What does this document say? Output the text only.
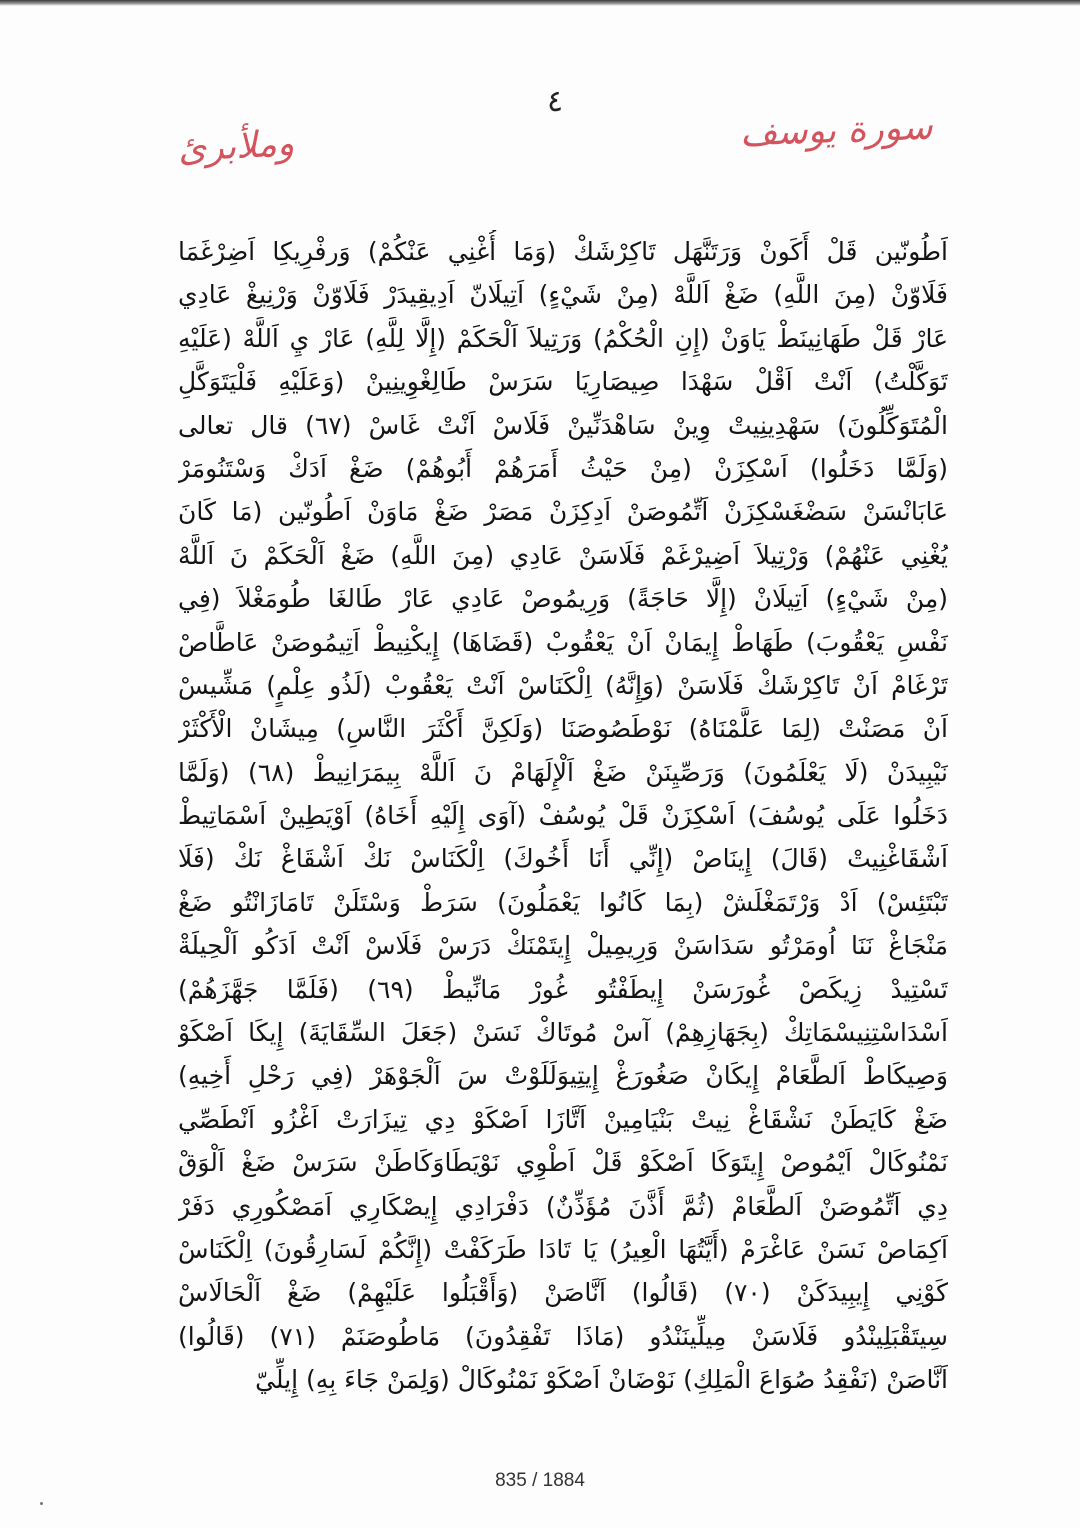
٤
وملأبرئ	سورة يوسف
اَطُونّين قَلْ أَكَونْ وَرَتَنَّهَل تَاكِرْشَكْ (وَمَا أُغْنِي عَنْكُمْ) وَرفْرِيكِا اَضِرْغَمَا
فَلَاوّنْ (مِنَ اللَّهِ) ضَغْ اَللَّهْ (مِنْ شَيْءٍ) اَتِيلَانّ اَدِيقِيدَرْ فَلَاوّنْ وَرْنِيغْ عَادِي
عَارْ قَلْ طَهَانِينَطْ يَاوَنْ (إِنِ الْحُكْمُ) وَرَتِيلاَ اَلْحَكَمْ (إِلَّا لِلَّهِ) عَارْ يِ اَللَّهْ (عَلَيْهِ
تَوَكَّلْتُ) اَنْتْ اَقْلْ سَهْدَا صِيصَارِيَا سَرَسْ طَالِغْوِينِينْ (وَعَلَيْهِ فَلْيَتَوَكَّلِ
الْمُتَوَكِّلُونَ) سَهْدِينِيتْ وِينْ سَاهْدَنِّينْ فَلَاسْ اَنْتْ غَاسْ (٦٧) قال تعالى
(وَلَمَّا دَخَلُوا) اَسْكِزَنْ (مِنْ حَيْثُ أَمَرَهُمْ أَبُوهُمْ) ضَغْ اَدَكْ وَسْتَنُومَرْ
عَابَانْسَنْ سَضْغَسْكِزَنْ اَتِّمُوصَنْ اَدِكِزَنْ مَصَرْ ضَغْ مَاوَنْ اَطُونّين (مَا كَانَ
يُغْنِي عَنْهُمْ) وَرْتِيلاَ اَضِيرْغَمْ فَلَاسَنْ عَادِي (مِنَ اللَّهِ) ضَغْ اَلْحَكَمْ نَ اَللَّهْ
(مِنْ شَيْءٍ) اَتِيلَانْ (إِلَّا حَاجَةً) وَرِيمُوصْ عَادِي عَارْ طَالغَا طُومَغْلاَ (فِي
نَفْسِ يَعْقُوبَ) طَهَاطْ إِيمَانْ اَنْ يَعْقُوبْ (قَضَاهَا) إِيكْنِيطْ اَتِيمُوصَنْ عَاطَّاصْ
تَرْغَامْ اَنْ تَاكِرْشَكْ فَلَاسَنْ (وَإِنَّهُ) اِلْكَنَاسْ اَنْتْ يَعْقُوبْ (لَذُو عِلْمٍ) مَشِّيسْ
اَنْ مَصَنْتْ (لِمَا عَلَّمْنَاهُ) نَوْطَصُوصَنَا (وَلَكِنَّ أَكْثَرَ النَّاسِ) مِيشَانْ الْأَكْثَرْ
نَيْبِيدَنْ (لَا يَعْلَمُونَ) وَرَصِّيِنَنْ ضَغْ اَلْإِلَهَامْ نَ اَللَّهْ بِيمَرَانِيطْ (٦٨) (وَلَمَّا
دَخَلُوا عَلَى يُوسُفَ) اَسْكِزَنْ قَلْ يُوسُفْ (آوَى إِلَيْهِ أَخَاهُ) اَوْيَطِينْ اَسْمَاتِيطْ
اَشْقَاغْنِيتْ (قَالَ) إِينَاصْ (إِنِّي أَنَا أَخُوكَ) اِلْكَنَاسْ نَكْ اَشْقَاغْ نَكْ (فَلَا
تَبْتَئِسْ) اَدْ وَرْتَمَغْلَشْ (بِمَا كَانُوا يَعْمَلُونَ) سَرَطْ وَسْتَلَنْ تَامَازَانْتُو ضَغْ
مَنْجَاغْ نَنَا اُومَرْتُو سَدَاسَنْ وَرِيمِيلْ إِيتَمْنَكْ دَرَسْ فَلَاسْ اَنْتْ اَدَكُو اَلْحِيلَةْ
تَسْتِيدْ زِيكَصْ غُورَسَنْ إِيطَفْتُو غُورْ مَانِّيطْ (٦٩) (فَلَمَّا جَهَّزَهُمْ)
اَسْدَاسْتِنِيسْمَاتِكْ (بِجَهَازِهِمْ) آسْ مُوتَاكْ نَسَنْ (جَعَلَ السِّقَايَةَ) إِيكَا اَصْكَوْ
وَصِيكَاطْ اَلطَّعَامْ إِيكَانْ صَغُورَغْ إِيتِيوَلَلَوْتْ سَ اَلْجَوْهَرْ (فِي رَحْلِ أَخِيهِ)
ضَغْ كَايَطَنْ نَشْقَاغْ نِيتْ بَنْيَامِينْ اَتَّازَا اَصْكَوْ دِي تِيزَارَتْ اَغْزُو اَنْطَصِّي
نَمْنُوكَالْ اَيْمُوصْ إِيتَوَكَا اَصْكَوْ قَلْ اَطْوِي نَوْيَطَاوَكَاطَنْ سَرَسْ ضَغْ اَلْوَقْ
دِي اَتِّمُوصَنْ اَلطَّعَامْ (ثُمَّ أَذَّنَ مُؤَذِّنٌ) دَفْرَادِي إِيصْكَارِي اَمَصْكُورِي دَفَرْ
اَكِمَاصْ نَسَنْ عَاغْرَمْ (أَيَّتُهَا الْعِيرُ) يَا تَادَا طَرَكَفْتْ (إِنَّكُمْ لَسَارِقُونَ) اِلْكَنَاسْ
كَوْنِي إِيبِيدَكَنْ (٧٠) (قَالُوا) اَنَّاصَنْ (وَأَقْبَلُوا عَلَيْهِمْ) ضَغْ اَلْحَالَاسْ
سِيتَقْبَلِينْدُو فَلَاسَنْ مِيلِّينَنْدُو (مَاذَا تَفْقِدُونَ) مَاطُوصَنَمْ (٧١) (قَالُوا)
اَنَّاصَنْ (نَفْقِدُ صُوَاعَ الْمَلِكِ) نَوْضَانْ اَصْكَوْ نَمْنُوكَالْ (وَلِمَنْ جَاءَ بِهِ) إِيلِّيّ
835 / 1884
